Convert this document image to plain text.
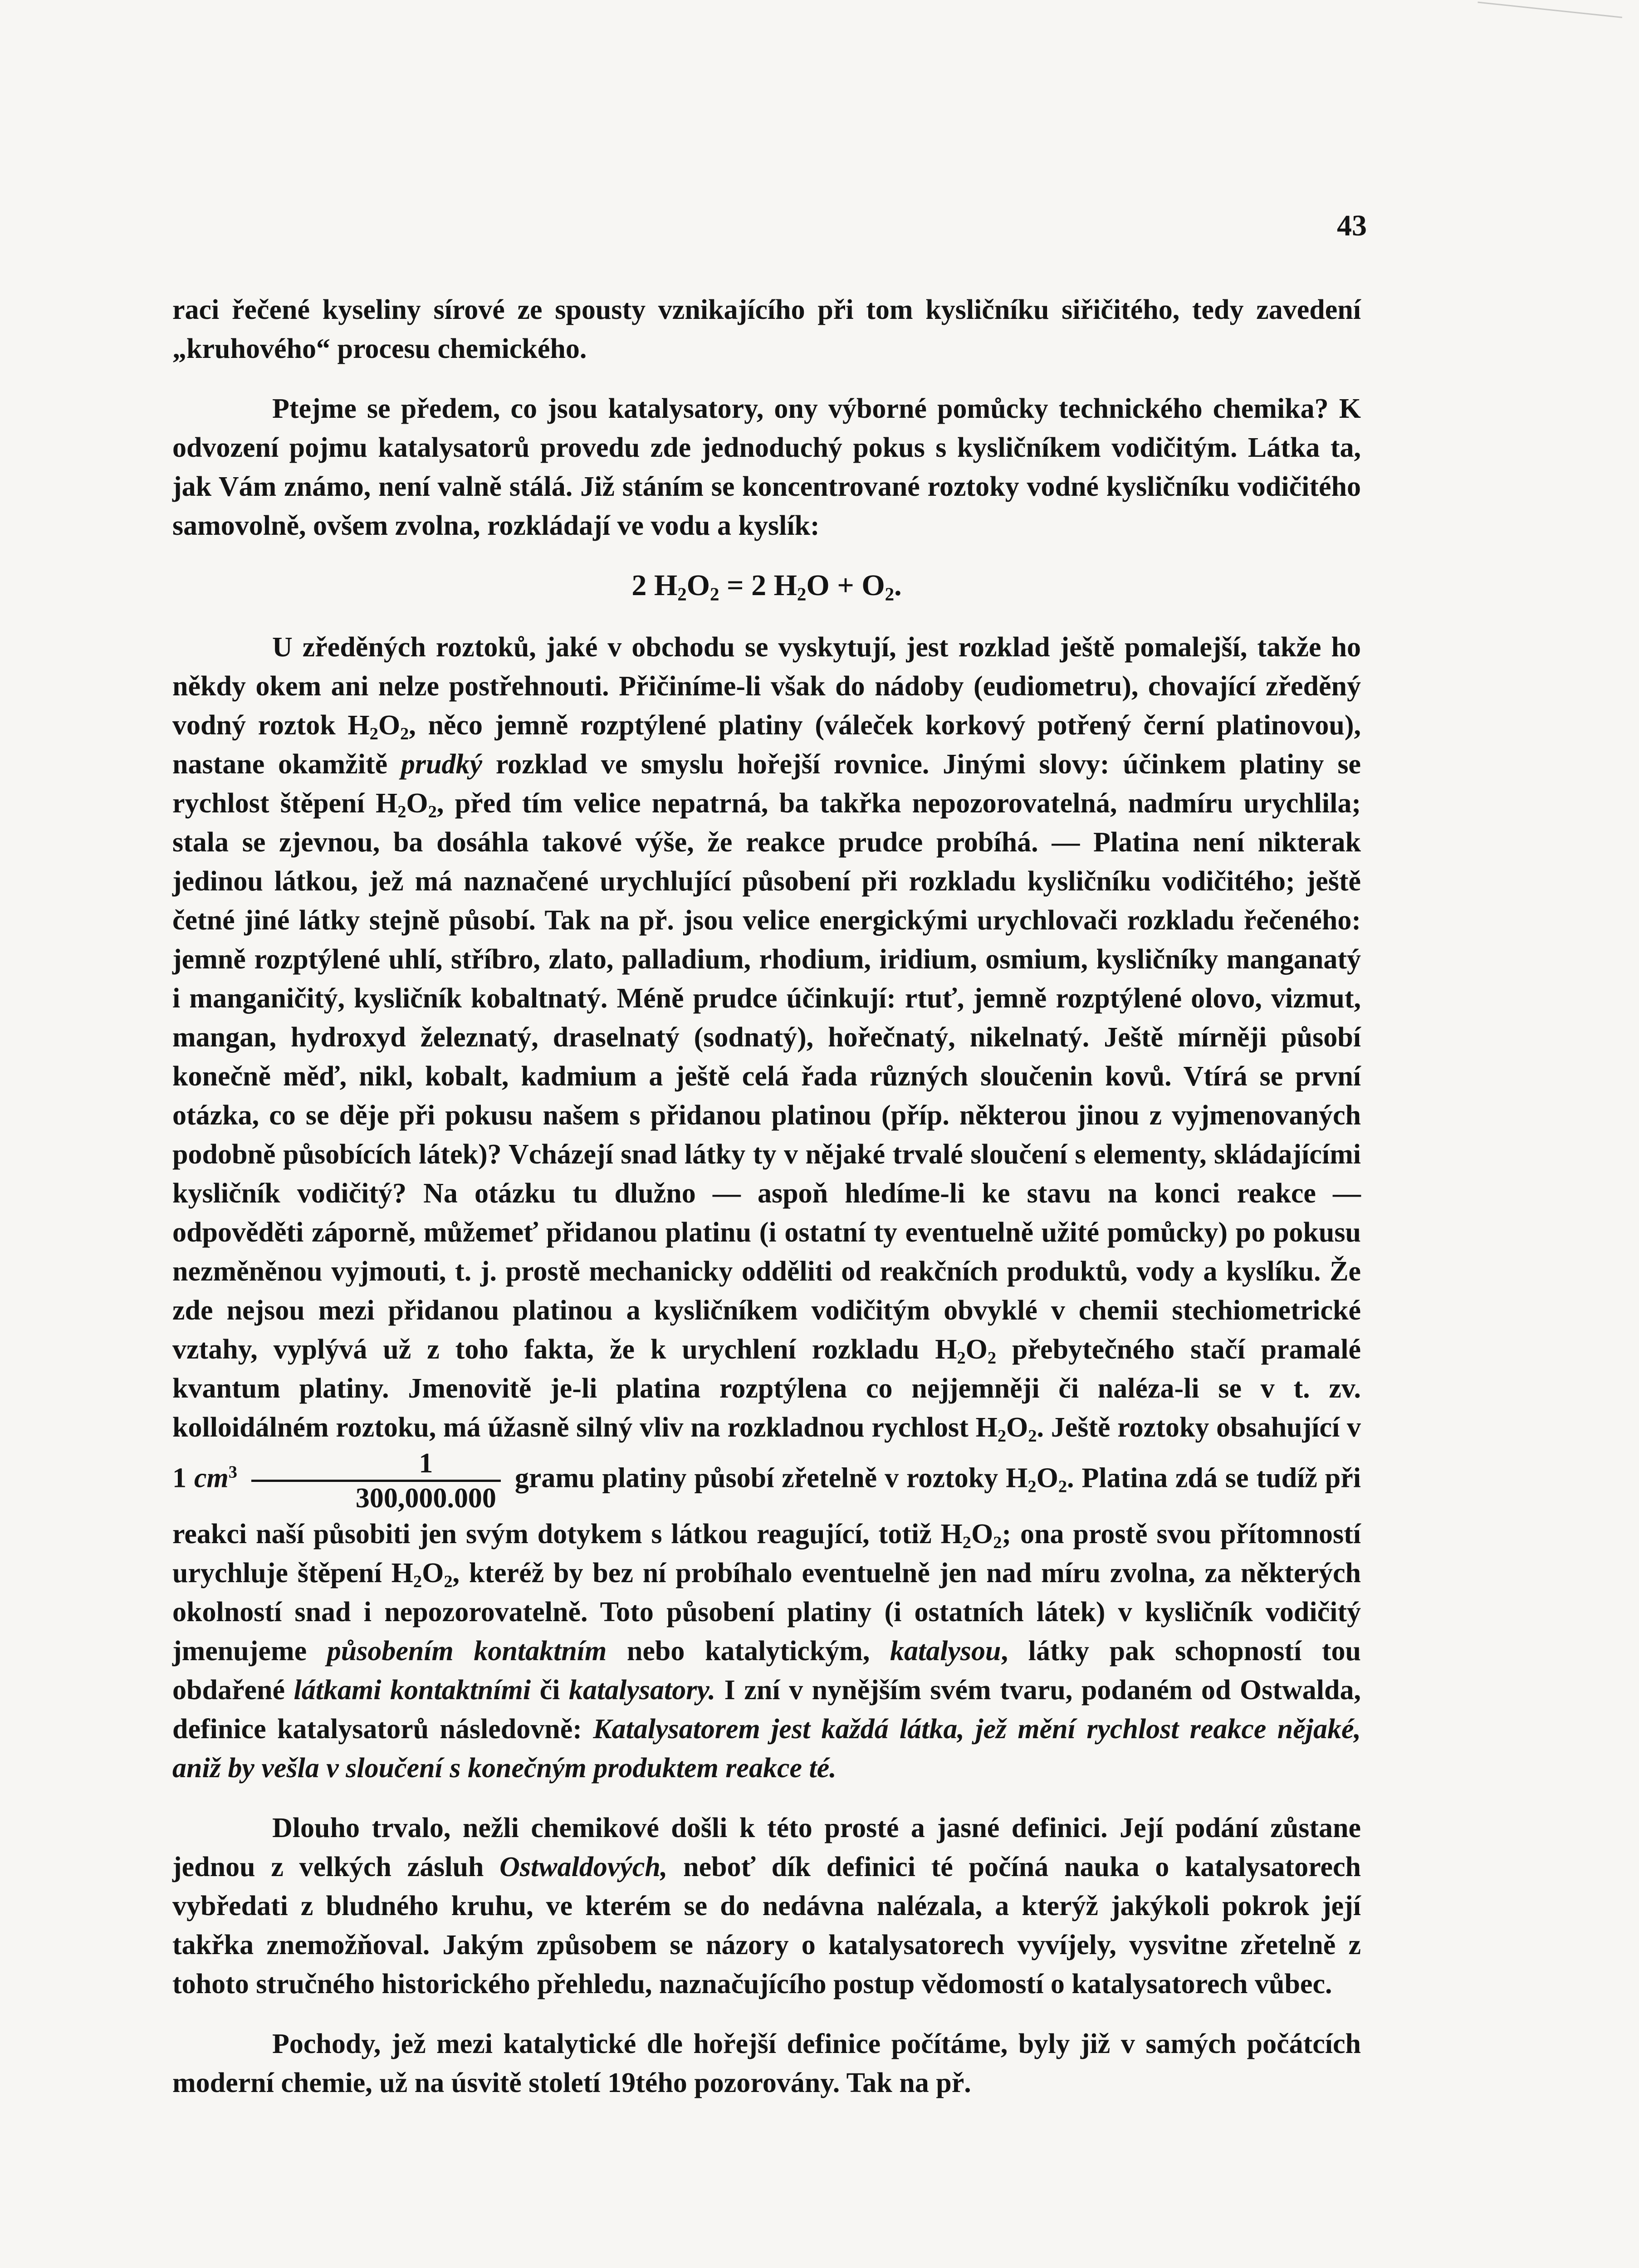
43

raci řečené kyseliny sírové ze spousty vznikajícího při tom kysličníku siřičitého, tedy zavedení „kruhového“ procesu chemického.

Ptejme se předem, co jsou katalysatory, ony výborné pomůcky technického chemika? K odvození pojmu katalysatorů provedu zde jednoduchý pokus s kysličníkem vodičitým. Látka ta, jak Vám známo, není valně stálá. Již stáním se koncentrované roztoky vodné kysličníku vodičitého samovolně, ovšem zvolna, rozkládají ve vodu a kyslík:

2 $H_2O_2 = 2$ $H_2O + O_2$.

U zředěných roztoků, jaké v obchodu se vyskytují, jest rozklad ještě pomalejší, takže ho někdy okem ani nelze postřehnouti. Přičiníme-li však do nádoby (eudiometru), chovající zředěný vodný roztok $H_2O_2$, něco jemně rozptýlené platiny (váleček korkový potřený černí platinovou), nastane okamžitě prudký rozklad ve smyslu hořejší rovnice. Jinými slovy: účinkem platiny se rychlost štěpení $H_2O_2$, před tím velice nepatrná, ba takřka nepozorovatelná, nadmíru urychlila; stala se zjevnou, ba dosáhla takové výše, že reakce prudce probíhá. — Platina není nikterak jedinou látkou, jež má naznačené urychlující působení při rozkladu kysličníku vodičitého; ještě četné jiné látky stejně působí. Tak na př. jsou velice energickými urychlovači rozkladu řečeného: jemně rozptýlené uhlí, stříbro, zlato, palladium, rhodium, iridium, osmium, kysličníky manganatý i manganičitý, kysličník kobaltnatý. Méně prudce účinkují: rtuť, jemně rozptýlené olovo, vizmut, mangan, hydroxyd železnatý, draselnatý (sodnatý), hořečnatý, nikelnatý. Ještě mírněji působí konečně měď, nikl, kobalt, kadmium a ještě celá řada různých sloučenin kovů. Vtírá se první otázka, co se děje při pokusu našem s přidanou platinou (příp. některou jinou z vyjmenovaných podobně působících látek)? Vcházejí snad látky ty v nějaké trvalé sloučení s elementy, skládajícími kysličník vodičitý? Na otázku tu dlužno — aspoň hledíme-li ke stavu na konci reakce — odpověděti záporně, můžemeť přidanou platinu (i ostatní ty eventuelně užité pomůcky) po pokusu nezměněnou vyjmouti, t. j. prostě mechanicky odděliti od reakčních produktů, vody a kyslíku. Že zde nejsou mezi přidanou platinou a kysličníkem vodičitým obvyklé v chemii stechiometrické vztahy, vyplývá už z toho fakta, že k urychlení rozkladu $H_2O_2$ přebytečného stačí pramalé kvantum platiny. Jmenovitě je-li platina rozptýlena co nejjemněji či naléza-li se v t. zv. kolloidálném roztoku, má úžasně silný vliv na rozkladnou rychlost $H_2O_2$. Ještě roztoky obsahující v 1 $cm^3 \frac{1}{300,000.000}$ gramu platiny působí zřetelně v roztoky $H_2O_2$. Platina zdá se tudíž při reakci naší působiti jen svým dotykem s látkou reagující, totiž $H_2O_2$; ona prostě svou přítomností urychluje štěpení $H_2O_2$, kteréž by bez ní probíhalo eventuelně jen nad míru zvolna, za některých okolností snad i nepozorovatelně. Toto působení platiny (i ostatních látek) v kysličník vodičitý jmenujeme působením kontaktním nebo katalytickým, katalysou, látky pak schopností tou obdařené látkami kontaktními či katalysatory. I zní v nynějším svém tvaru, podaném od Ostwalda, definice katalysatorů následovně: Katalysatorem jest každá látka, jež mění rychlost reakce nějaké, aniž by vešla v sloučení s konečným produktem reakce té.

Dlouho trvalo, nežli chemikové došli k této prosté a jasné definici. Její podání zůstane jednou z velkých zásluh Ostwaldových, neboť dík definici té počíná nauka o katalysatorech vybředati z bludného kruhu, ve kterém se do nedávna nalézala, a kterýž jakýkoli pokrok její takřka znemožňoval. Jakým způsobem se názory o katalysatorech vyvíjely, vysvitne zřetelně z tohoto stručného historického přehledu, naznačujícího postup vědomostí o katalysatorech vůbec.

Pochody, jež mezi katalytické dle hořejší definice počítáme, byly již v samých počátcích moderní chemie, už na úsvitě století 19tého pozorovány. Tak na př.
